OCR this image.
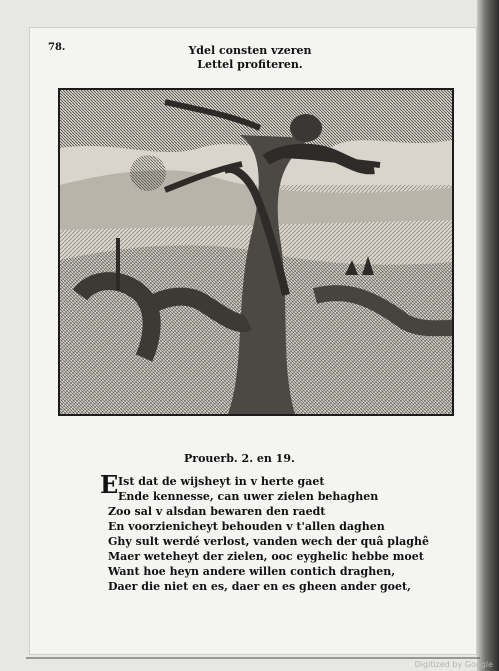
78.	Ydel consten vzeren
Lettel profiteren.
Prouerb. 2. en 19.
E Ist dat de wijsheyt in v herte gaet
Ende kennesse, can uwer zielen behaghen
Zoo sal v alsdan bewaren den raedt
En voorzienicheyt behouden v t'allen daghen
Ghy sult werdé verlost, vanden wech der quâ plaghê
Maer weteheyt der zielen, ooc eyghelic hebbe moet
Want hoe heyn andere willen contich draghen,
Daer die niet en es, daer en es gheen ander goet,
Digitized by Google
